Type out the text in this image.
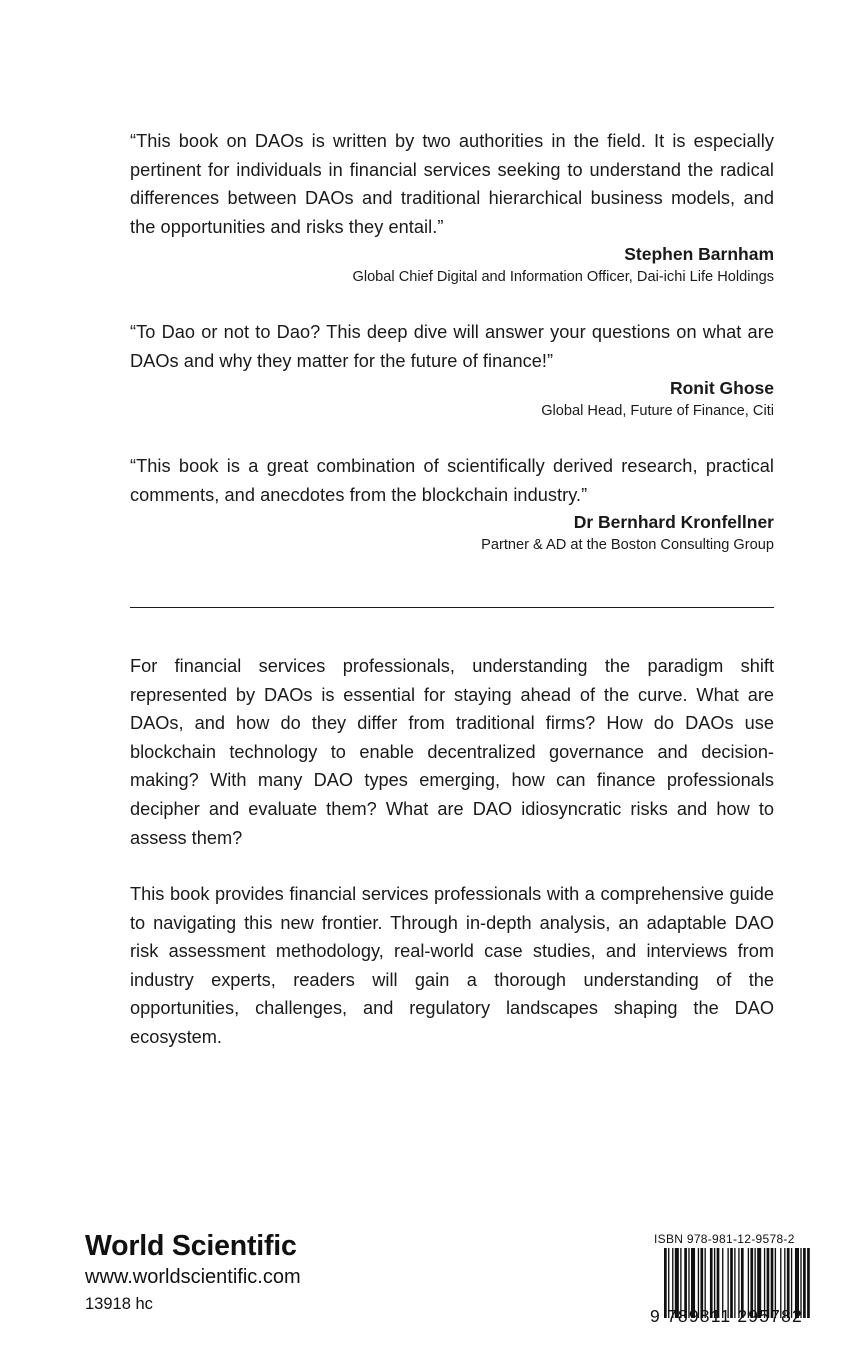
“This book on DAOs is written by two authorities in the field. It is especially pertinent for individuals in financial services seeking to understand the radical differences between DAOs and traditional hierarchical business models, and the opportunities and risks they entail.”

Stephen Barnham
Global Chief Digital and Information Officer, Dai-ichi Life Holdings

“To Dao or not to Dao? This deep dive will answer your questions on what are DAOs and why they matter for the future of finance!”

Ronit Ghose
Global Head, Future of Finance, Citi

“This book is a great combination of scientifically derived research, practical comments, and anecdotes from the blockchain industry.”

Dr Bernhard Kronfellner
Partner & AD at the Boston Consulting Group

For financial services professionals, understanding the paradigm shift represented by DAOs is essential for staying ahead of the curve. What are DAOs, and how do they differ from traditional firms? How do DAOs use blockchain technology to enable decentralized governance and decision-making? With many DAO types emerging, how can finance professionals decipher and evaluate them? What are DAO idiosyncratic risks and how to assess them?

This book provides financial services professionals with a comprehensive guide to navigating this new frontier. Through in-depth analysis, an adaptable DAO risk assessment methodology, real-world case studies, and interviews from industry experts, readers will gain a thorough understanding of the opportunities, challenges, and regulatory landscapes shaping the DAO ecosystem.

World Scientific
www.worldscientific.com
13918 hc
ISBN 978-981-12-9578-2
9 789811 295782
